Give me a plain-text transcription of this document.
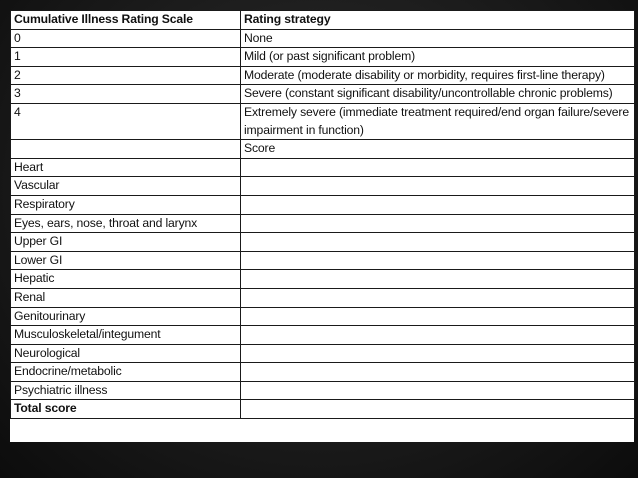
Cumulative Illness Rating Scale	Rating strategy
0	None
1	Mild (or past significant problem)
2	Moderate (moderate disability or morbidity, requires first-line therapy)
3	Severe (constant significant disability/uncontrollable chronic problems)
4	Extremely severe (immediate treatment required/end organ failure/severe impairment in function)
	Score
Heart	
Vascular	
Respiratory	
Eyes, ears, nose, throat and larynx	
Upper GI	
Lower GI	
Hepatic	
Renal	
Genitourinary	
Musculoskeletal/integument	
Neurological	
Endocrine/metabolic	
Psychiatric illness	
Total score	
